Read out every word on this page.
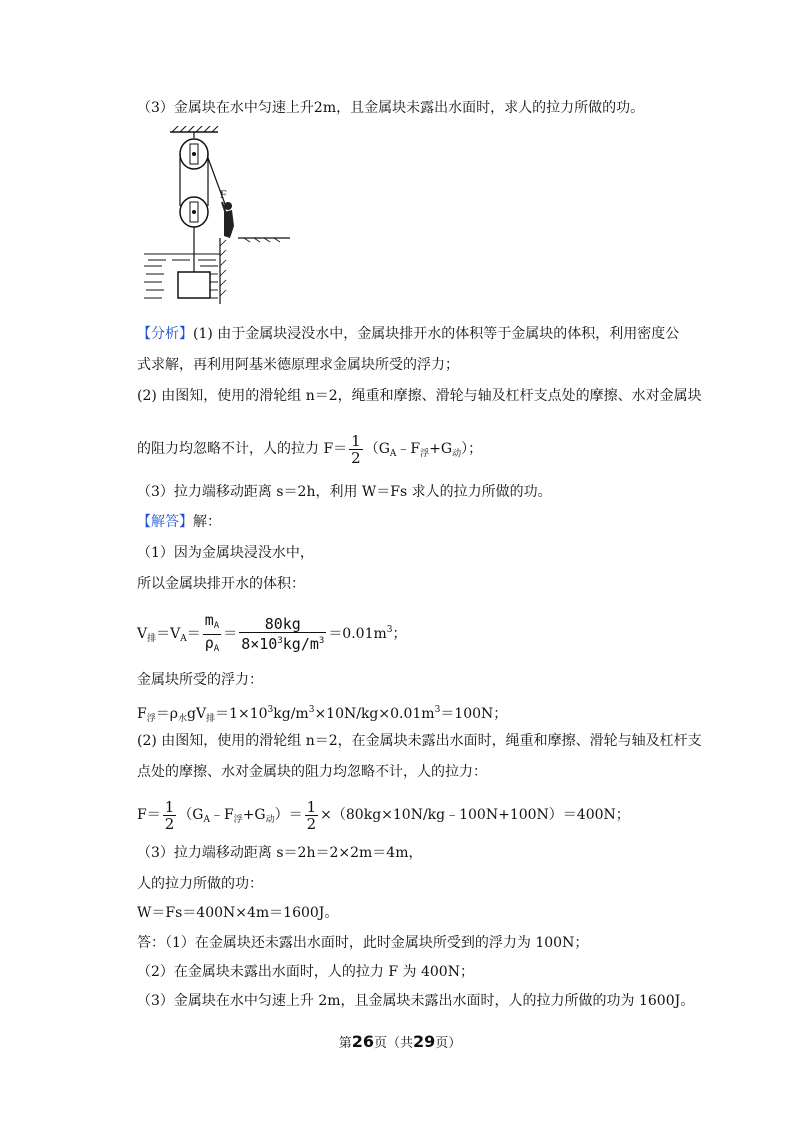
（3）金属块在水中匀速上升2m，且金属块未露出水面时，求人的拉力所做的功。
F
【分析】(1) 由于金属块浸没水中，金属块排开水的体积等于金属块的体积，利用密度公
式求解，再利用阿基米德原理求金属块所受的浮力；
(2) 由图知，使用的滑轮组 n＝2，绳重和摩擦、滑轮与轴及杠杆支点处的摩擦、水对金属块
的阻力均忽略不计，人的拉力 $F= \frac{1}{2}$ $(G_A﹣F_浮+G_动)$；
（3）拉力端移动距离 s＝2h，利用 W＝Fs 求人的拉力所做的功。
【解答】解：
（1）因为金属块浸没水中，
所以金属块排开水的体积：
$V_排=V_A= \frac{m_A}{\rho_A} = \frac{80kg}{8\times 10^3kg/m^3} =0.01m^3$；
金属块所受的浮力：
$F_浮=\rho_水gV_排=1\times 10^3kg/m^3\times 10N/kg\times 0.01m^3=100N$；
(2) 由图知，使用的滑轮组 n＝2，在金属块未露出水面时，绳重和摩擦、滑轮与轴及杠杆支
点处的摩擦、水对金属块的阻力均忽略不计，人的拉力：
$F= \frac{1}{2}$ $(G_A﹣F_浮+G_动)= \frac{1}{2}$ ×（80kg×10N/kg﹣100N+100N）＝400N；
（3）拉力端移动距离 s＝2h＝2×2m＝4m，
人的拉力所做的功：
W＝Fs＝400N×4m＝1600J。
答：（1）在金属块还未露出水面时，此时金属块所受到的浮力为 100N；
（2）在金属块未露出水面时，人的拉力 F 为 400N；
（3）金属块在水中匀速上升 2m，且金属块未露出水面时，人的拉力所做的功为 1600J。
第26页（共29页）
